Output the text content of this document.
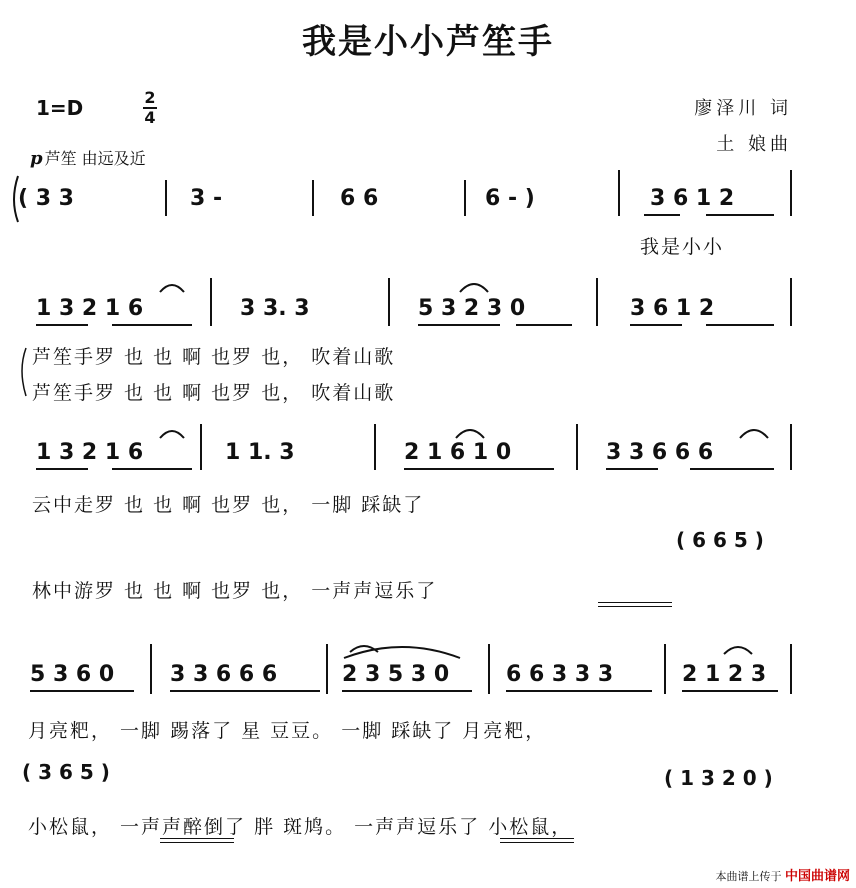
我是小小芦笙手
廖泽川 词
土 娘曲
1=D	2
4
p 芦笙 由远及近
( 3 3	3 -	6 6	6 - )	3 6 1 2
我是小小
1 3 2 1 6	3 3. 3	5 3 2 3 0	3 6 1 2
芦笙手罗 也 也 啊 也罗 也， 吹着山歌
芦笙手罗 也 也 啊 也罗 也， 吹着山歌
1 3 2 1 6	1 1. 3	2 1 6 1 0	3 3 6 6 6
云中走罗 也 也 啊 也罗 也， 一脚 踩缺了
( 6 6 5 )
林中游罗 也 也 啊 也罗 也， 一声声逗乐了
5 3 6 0	3 3 6 6 6	2 3 5 3 0	6 6 3 3 3	2 1 2 3
月亮粑， 一脚 踢落了 星 豆豆。 一脚 踩缺了 月亮粑，
( 3 6 5 )	( 1 3 2 0 )
小松鼠， 一声声醉倒了 胖 斑鸠。 一声声逗乐了 小松鼠，
本曲谱上传于 中国曲谱网
